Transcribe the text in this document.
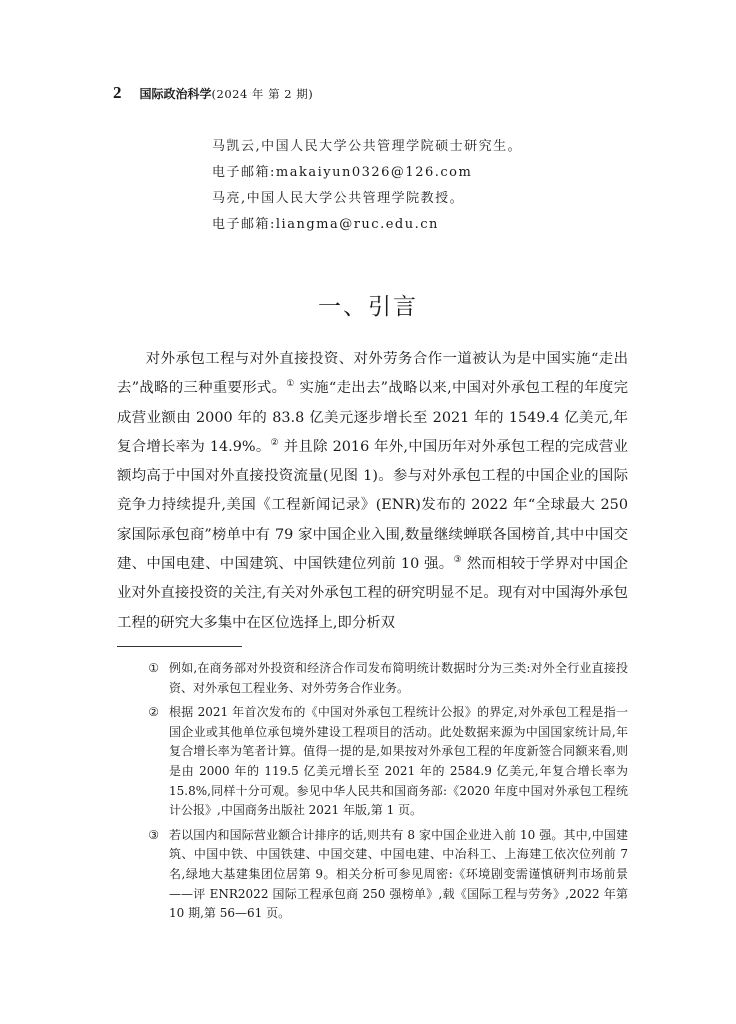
2 国际政治科学 (2024 年 第 2 期)
马凯云,中国人民大学公共管理学院硕士研究生。
电子邮箱:makaiyun0326@126.com
马亮,中国人民大学公共管理学院教授。
电子邮箱:liangma@ruc.edu.cn
一、引言

对外承包工程与对外直接投资、对外劳务合作一道被认为是中国实施“走出去”战略的三种重要形式。① 实施“走出去”战略以来,中国对外承包工程的年度完成营业额由 2000 年的 83.8 亿美元逐步增长至 2021 年的 1549.4 亿美元,年复合增长率为 14.9%。② 并且除 2016 年外,中国历年对外承包工程的完成营业额均高于中国对外直接投资流量(见图 1)。参与对外承包工程的中国企业的国际竞争力持续提升,美国《工程新闻记录》(ENR)发布的 2022 年“全球最大 250 家国际承包商”榜单中有 79 家中国企业入围,数量继续蝉联各国榜首,其中中国交建、中国电建、中国建筑、中国铁建位列前 10 强。③ 然而相较于学界对中国企业对外直接投资的关注,有关对外承包工程的研究明显不足。现有对中国海外承包工程的研究大多集中在区位选择上,即分析双

① 例如,在商务部对外投资和经济合作司发布简明统计数据时分为三类:对外全行业直接投资、对外承包工程业务、对外劳务合作业务。
② 根据 2021 年首次发布的《中国对外承包工程统计公报》的界定,对外承包工程是指一国企业或其他单位承包境外建设工程项目的活动。此处数据来源为中国国家统计局,年复合增长率为笔者计算。值得一提的是,如果按对外承包工程的年度新签合同额来看,则是由 2000 年的 119.5 亿美元增长至 2021 年的 2584.9 亿美元,年复合增长率为 15.8%,同样十分可观。参见中华人民共和国商务部:《2020 年度中国对外承包工程统计公报》,中国商务出版社 2021 年版,第 1 页。
③ 若以国内和国际营业额合计排序的话,则共有 8 家中国企业进入前 10 强。其中,中国建筑、中国中铁、中国铁建、中国交建、中国电建、中冶科工、上海建工依次位列前 7 名,绿地大基建集团位居第 9。相关分析可参见周密:《环境剧变需谨慎研判市场前景——评 ENR2022 国际工程承包商 250 强榜单》,载《国际工程与劳务》,2022 年第 10 期,第 56—61 页。
